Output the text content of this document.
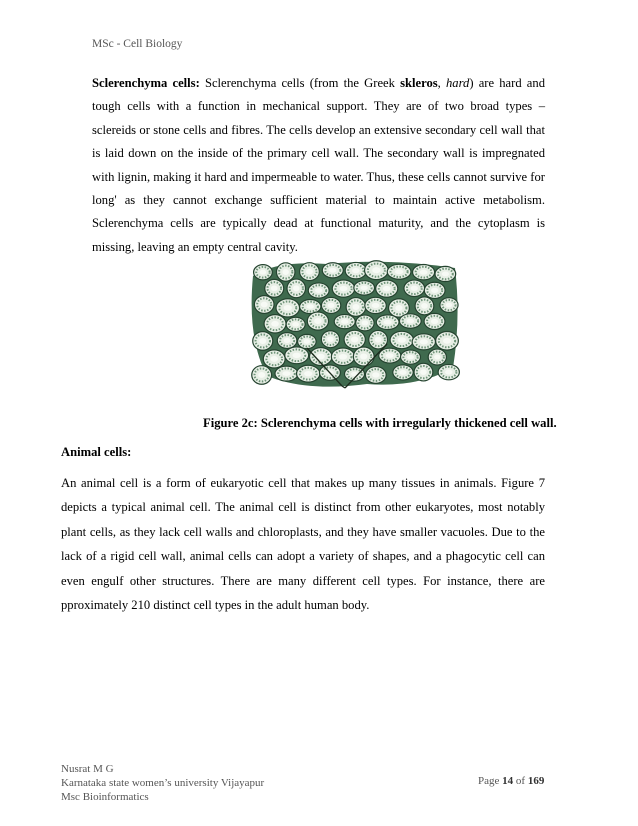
MSc - Cell Biology

Sclerenchyma cells: Sclerenchyma cells (from the Greek skleros, hard) are hard and tough cells with a function in mechanical support. They are of two broad types – sclereids or stone cells and fibres. The cells develop an extensive secondary cell wall that is laid down on the inside of the primary cell wall. The secondary wall is impregnated with lignin, making it hard and impermeable to water. Thus, these cells cannot survive for long' as they cannot exchange sufficient material to maintain active metabolism. Sclerenchyma cells are typically dead at functional maturity, and the cytoplasm is missing, leaving an empty central cavity.

Figure 2c: Sclerenchyma cells with irregularly thickened cell wall.
Animal cells:

An animal cell is a form of eukaryotic cell that makes up many tissues in animals. Figure 7 depicts a typical animal cell. The animal cell is distinct from other eukaryotes, most notably plant cells, as they lack cell walls and chloroplasts, and they have smaller vacuoles. Due to the lack of a rigid cell wall, animal cells can adopt a variety of shapes, and a phagocytic cell can even engulf other structures. There are many different cell types. For instance, there are pproximately 210 distinct cell types in the adult human body.

Nusrat M G
Karnataka state women’s university Vijayapur
Msc Bioinformatics
Page 14 of 169
